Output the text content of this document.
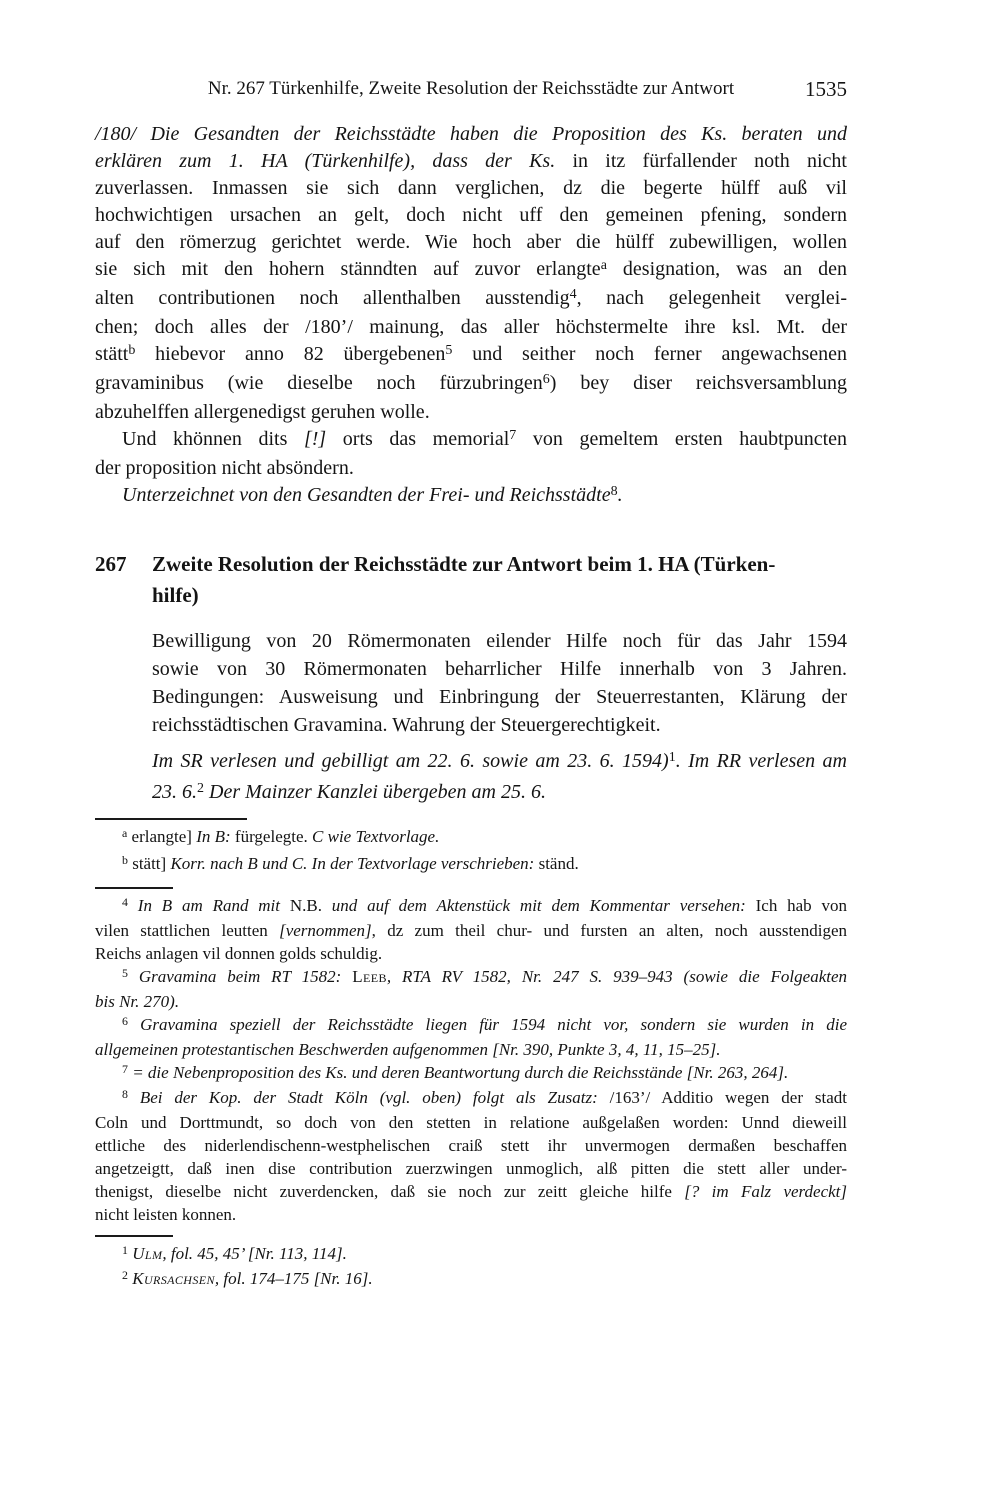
Nr. 267 Türkenhilfe, Zweite Resolution der Reichsstädte zur Antwort	1535
/180/ Die Gesandten der Reichsstädte haben die Proposition des Ks. beraten und
erklären zum 1. HA (Türkenhilfe), dass der Ks. in itz fürfallender noth nicht
zuverlassen. Inmassen sie sich dann verglichen, dz die begerte hülff auß vil
hochwichtigen ursachen an gelt, doch nicht uff den gemeinen pfening, sondern
auf den römerzug gerichtet werde. Wie hoch aber die hülff zubewilligen, wollen
sie sich mit den hohern stänndten auf zuvor erlangte$^a$ designation, was an den
alten contributionen noch allenthalben ausstendig$^4$, nach gelegenheit verglei-
chen; doch alles der /180’/ mainung, das aller höchstermelte ihre ksl. Mt. der
stätt$^b$ hiebevor anno 82 übergebenen$^5$ und seither noch ferner angewachsenen
gravaminibus (wie dieselbe noch fürzubringen$^6$) bey diser reichsversamblung
abzuhelffen allergenedigst geruhen wolle.
Und khönnen dits [!] orts das memorial$^7$ von gemeltem ersten haubtpuncten
der proposition nicht absöndern.
Unterzeichnet von den Gesandten der Frei- und Reichsstädte$^8$.
267	Zweite Resolution der Reichsstädte zur Antwort beim 1. HA (Türken-
hilfe)
Bewilligung von 20 Römermonaten eilender Hilfe noch für das Jahr 1594
sowie von 30 Römermonaten beharrlicher Hilfe innerhalb von 3 Jahren.
Bedingungen: Ausweisung und Einbringung der Steuerrestanten, Klärung der
reichsstädtischen Gravamina. Wahrung der Steuergerechtigkeit.
Im SR verlesen und gebilligt am 22. 6. sowie am 23. 6. 1594)$^1$. Im RR verlesen am
23. 6.$^2$ Der Mainzer Kanzlei übergeben am 25. 6.
$^a$ erlangte] In B: fürgelegte. C wie Textvorlage.
$^b$ stätt] Korr. nach B und C. In der Textvorlage verschrieben: ständ.
$^4$ In B am Rand mit N.B. und auf dem Aktenstück mit dem Kommentar versehen: Ich hab von
vilen stattlichen leutten [vernommen], dz zum theil chur- und fursten an alten, noch ausstendigen
Reichs anlagen vil donnen golds schuldig.
$^5$ Gravamina beim RT 1582: Leeb, RTA RV 1582, Nr. 247 S. 939–943 (sowie die Folgeakten
bis Nr. 270).
$^6$ Gravamina speziell der Reichsstädte liegen für 1594 nicht vor, sondern sie wurden in die
allgemeinen protestantischen Beschwerden aufgenommen [Nr. 390, Punkte 3, 4, 11, 15–25].
$^7$ = die Nebenproposition des Ks. und deren Beantwortung durch die Reichsstände [Nr. 263, 264].
$^8$ Bei der Kop. der Stadt Köln (vgl. oben) folgt als Zusatz: /163’/ Additio wegen der stadt
Coln und Dorttmundt, so doch von den stetten in relatione außgelaßen worden: Unnd dieweill
ettliche des niderlendischenn-westphelischen craiß stett ihr unvermogen dermaßen beschaffen
angetzeigtt, daß inen dise contribution zuerzwingen unmoglich, alß pitten die stett aller under-
thenigst, dieselbe nicht zuverdencken, daß sie noch zur zeitt gleiche hilfe [? im Falz verdeckt]
nicht leisten konnen.
$^1$ Ulm, fol. 45, 45’ [Nr. 113, 114].
$^2$ Kursachsen, fol. 174–175 [Nr. 16].
